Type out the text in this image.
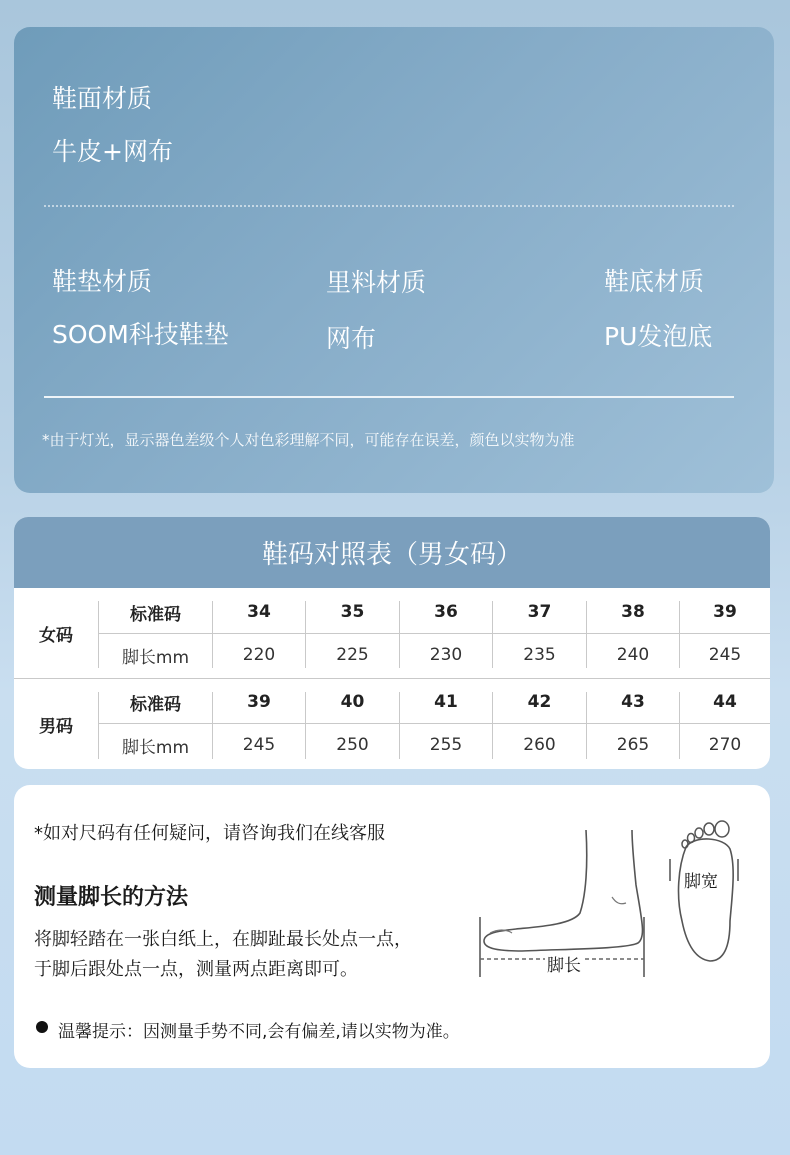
鞋面材质
牛皮+网布
鞋垫材质
SOOM科技鞋垫
里料材质
网布
鞋底材质
PU发泡底
*由于灯光，显示器色差级个人对色彩理解不同，可能存在误差，颜色以实物为准
鞋码对照表（男女码）
女码
标准码
脚长mm
34
220
35
225
36
230
37
235
38
240
39
245
男码
标准码
脚长mm
39
245
40
250
41
255
42
260
43
265
44
270
*如对尺码有任何疑问，请咨询我们在线客服
测量脚长的方法
将脚轻踏在一张白纸上，在脚趾最长处点一点，
于脚后跟处点一点，测量两点距离即可。	脚长
脚宽
温馨提示：因测量手势不同,会有偏差,请以实物为准。
